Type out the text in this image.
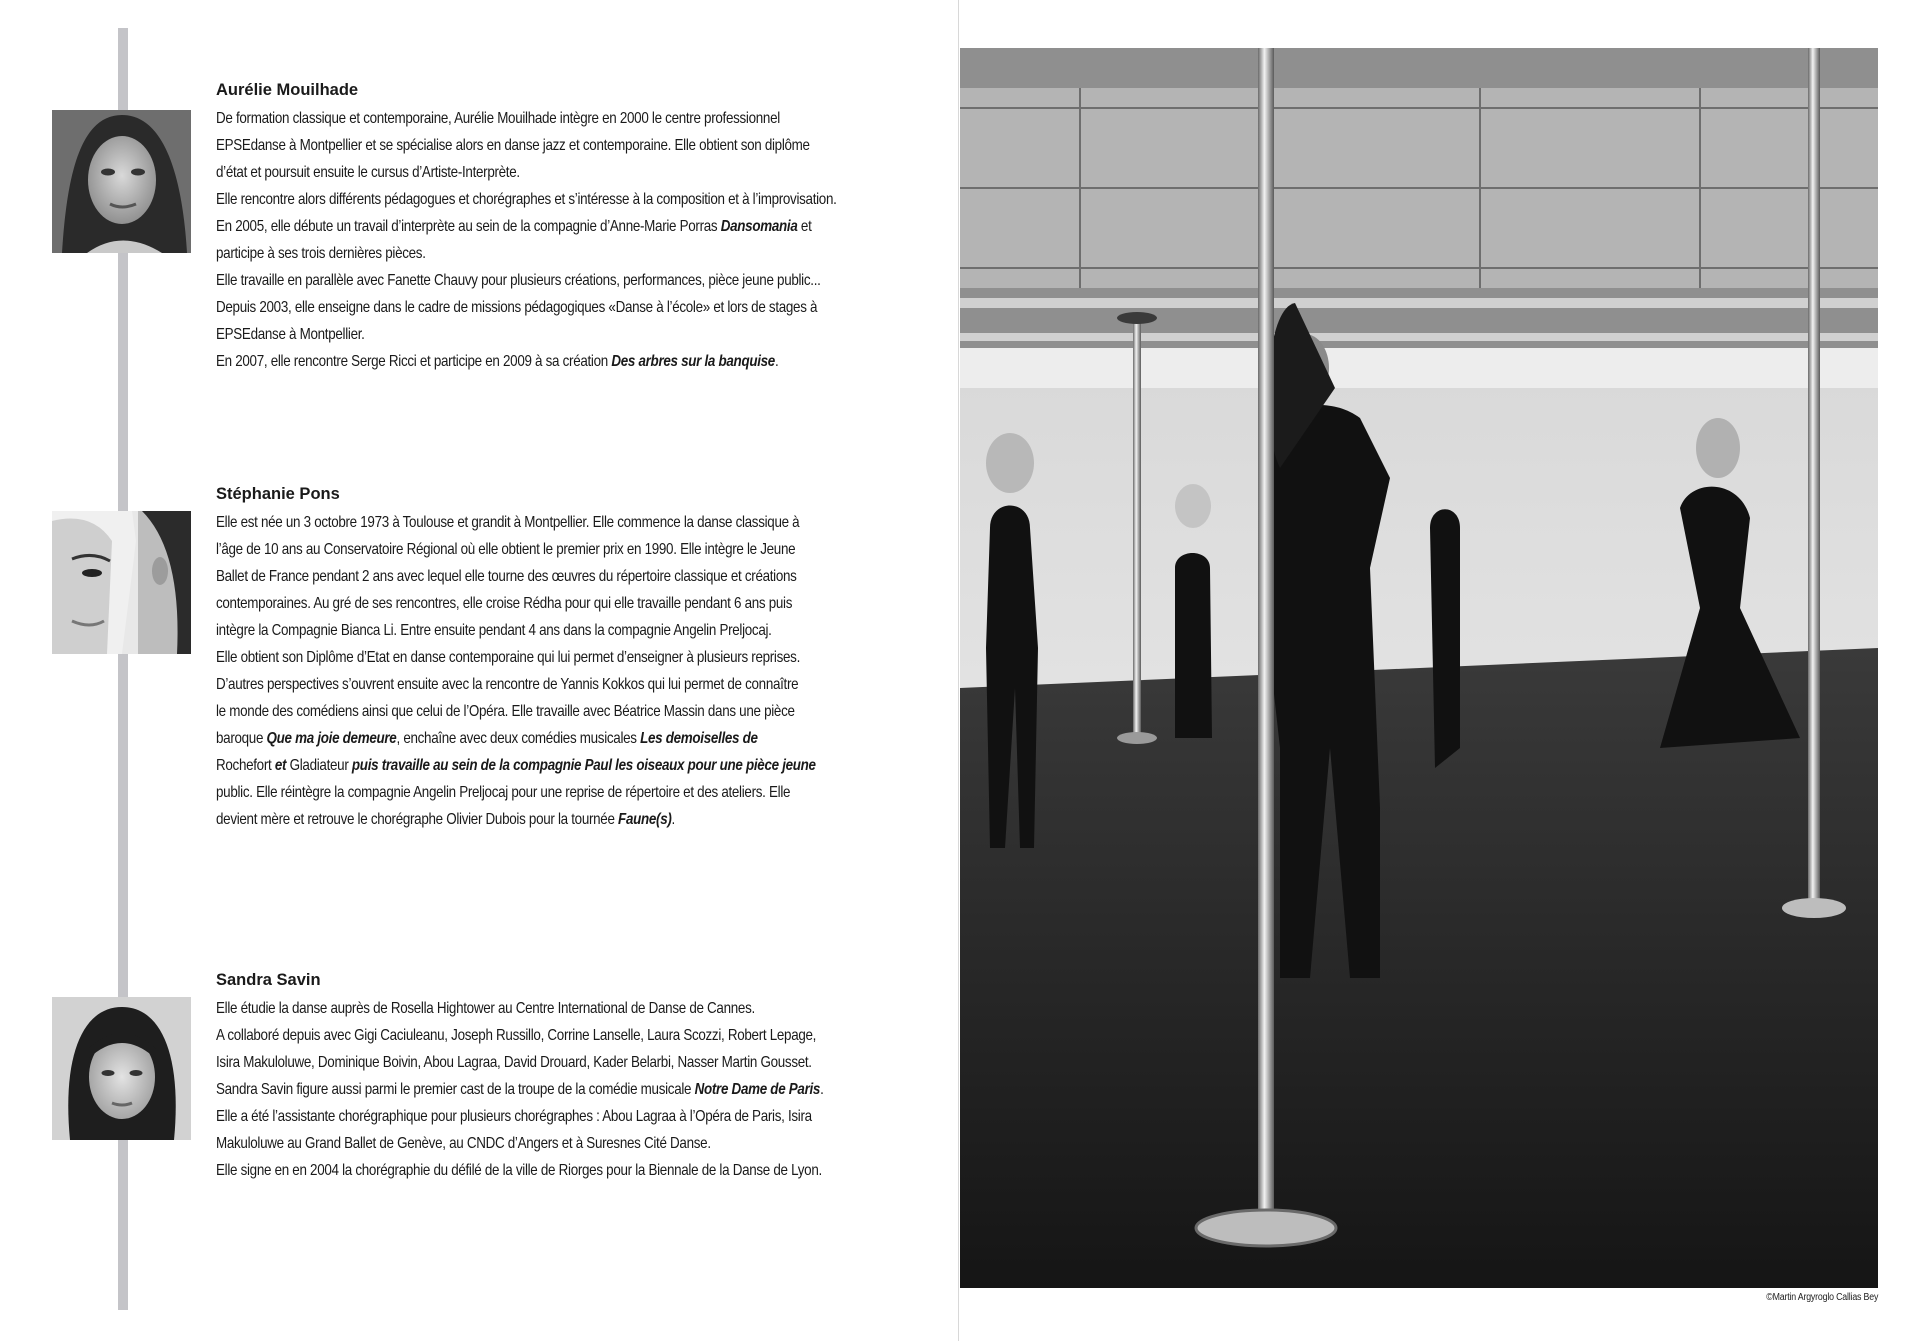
Aurélie Mouilhade

De formation classique et contemporaine, Aurélie Mouilhade intègre en 2000 le centre professionnel

EPSEdanse à Montpellier et se spécialise alors en danse jazz et contemporaine. Elle obtient son diplôme

d’état et poursuit ensuite le cursus d’Artiste-Interprète.

Elle rencontre alors différents pédagogues et chorégraphes et s’intéresse à la composition et à l’improvisation.

En 2005, elle débute un travail d’interprète au sein de la compagnie d’Anne-Marie Porras Dansomania et

participe à ses trois dernières pièces.

Elle travaille en parallèle avec Fanette Chauvy pour plusieurs créations, performances, pièce jeune public...

Depuis 2003, elle enseigne dans le cadre de missions pédagogiques «Danse à l’école» et lors de stages à

EPSEdanse à Montpellier.

En 2007, elle rencontre Serge Ricci et participe en 2009 à sa création Des arbres sur la banquise.

Stéphanie Pons

Elle est née un 3 octobre 1973 à Toulouse et grandit à Montpellier. Elle commence la danse classique à

l’âge de 10 ans au Conservatoire Régional où elle obtient le premier prix en 1990. Elle intègre le Jeune

Ballet de France pendant 2 ans avec lequel elle tourne des œuvres du répertoire classique et créations

contemporaines. Au gré de ses rencontres, elle croise Rédha pour qui elle travaille pendant 6 ans puis

intègre la Compagnie Bianca Li. Entre ensuite pendant 4 ans dans la compagnie Angelin Preljocaj.

Elle obtient son Diplôme d’Etat en danse contemporaine qui lui permet d’enseigner à plusieurs reprises.

D’autres perspectives s’ouvrent ensuite avec la rencontre de Yannis Kokkos qui lui permet de connaître

le monde des comédiens ainsi que celui de l’Opéra. Elle travaille avec Béatrice Massin dans une pièce

baroque Que ma joie demeure, enchaîne avec deux comédies musicales Les demoiselles de

Rochefort et Gladiateur puis travaille au sein de la compagnie Paul les oiseaux pour une pièce jeune

public. Elle réintègre la compagnie Angelin Preljocaj pour une reprise de répertoire et des ateliers. Elle

devient mère et retrouve le chorégraphe Olivier Dubois pour la tournée Faune(s).

Sandra Savin

Elle étudie la danse auprès de Rosella Hightower au Centre International de Danse de Cannes.

A collaboré depuis avec Gigi Caciuleanu, Joseph Russillo, Corrine Lanselle, Laura Scozzi, Robert Lepage,

Isira Makuloluwe, Dominique Boivin, Abou Lagraa, David Drouard, Kader Belarbi, Nasser Martin Gousset.

Sandra Savin figure aussi parmi le premier cast de la troupe de la comédie musicale Notre Dame de Paris.

Elle a été l’assistante chorégraphique pour plusieurs chorégraphes : Abou Lagraa à l’Opéra de Paris, Isira

Makuloluwe au Grand Ballet de Genève, au CNDC d’Angers et à Suresnes Cité Danse.

Elle signe en en 2004 la chorégraphie du défilé de la ville de Riorges pour la Biennale de la Danse de Lyon.

©Martin Argyroglo Callias Bey
